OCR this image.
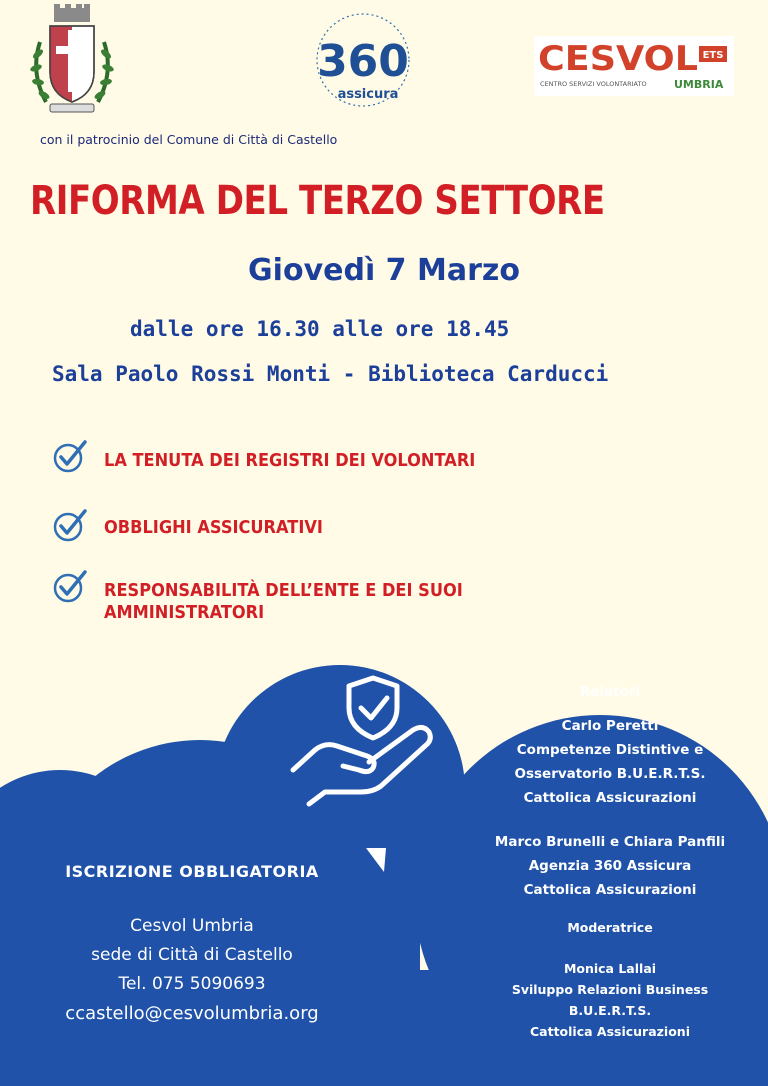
360
assicura
CESVOL ETS
CENTRO SERVIZI VOLONTARIATO UMBRIA
con il patrocinio del Comune di Città di Castello
RIFORMA DEL TERZO SETTORE
Giovedì 7 Marzo
dalle ore 16.30 alle ore 18.45
Sala Paolo Rossi Monti - Biblioteca Carducci
LA TENUTA DEI REGISTRI DEI VOLONTARI
OBBLIGHI ASSICURATIVI
RESPONSABILITÀ DELL’ENTE E DEI SUOI
AMMINISTRATORI
ISCRIZIONE OBBLIGATORIA
Cesvol Umbria
sede di Città di Castello
Tel. 075 5090693
ccastello@cesvolumbria.org
Relatori
Carlo Peretti
Competenze Distintive e
Osservatorio B.U.E.R.T.S.
Cattolica Assicurazioni
Marco Brunelli e Chiara Panfili
Agenzia 360 Assicura
Cattolica Assicurazioni
Moderatrice
Monica Lallai
Sviluppo Relazioni Business
B.U.E.R.T.S.
Cattolica Assicurazioni
